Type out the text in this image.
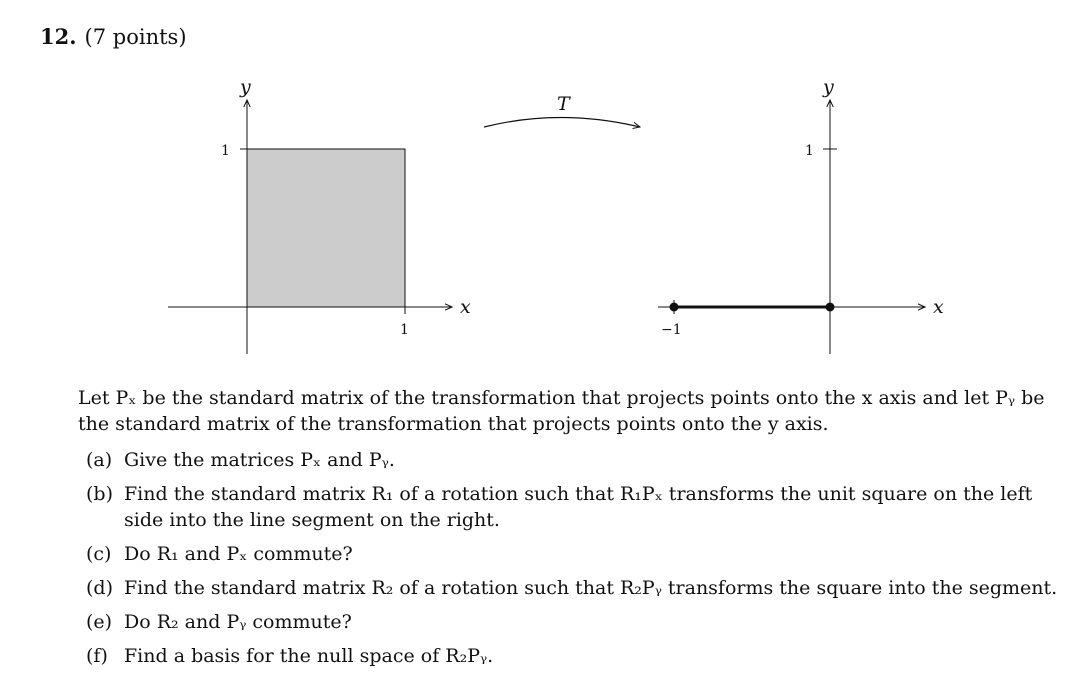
12. (7 points)
y
x
1
1
T
y
x
1
−1
Let Pₓ be the standard matrix of the transformation that projects points onto the x axis and let Pᵧ be the standard matrix of the transformation that projects points onto the y axis.
(a) Give the matrices Pₓ and Pᵧ.
(b) Find the standard matrix R₁ of a rotation such that R₁Pₓ transforms the unit square on the left side into the line segment on the right.
(c) Do R₁ and Pₓ commute?
(d) Find the standard matrix R₂ of a rotation such that R₂Pᵧ transforms the square into the segment.
(e) Do R₂ and Pᵧ commute?
(f) Find a basis for the null space of R₂Pᵧ.
